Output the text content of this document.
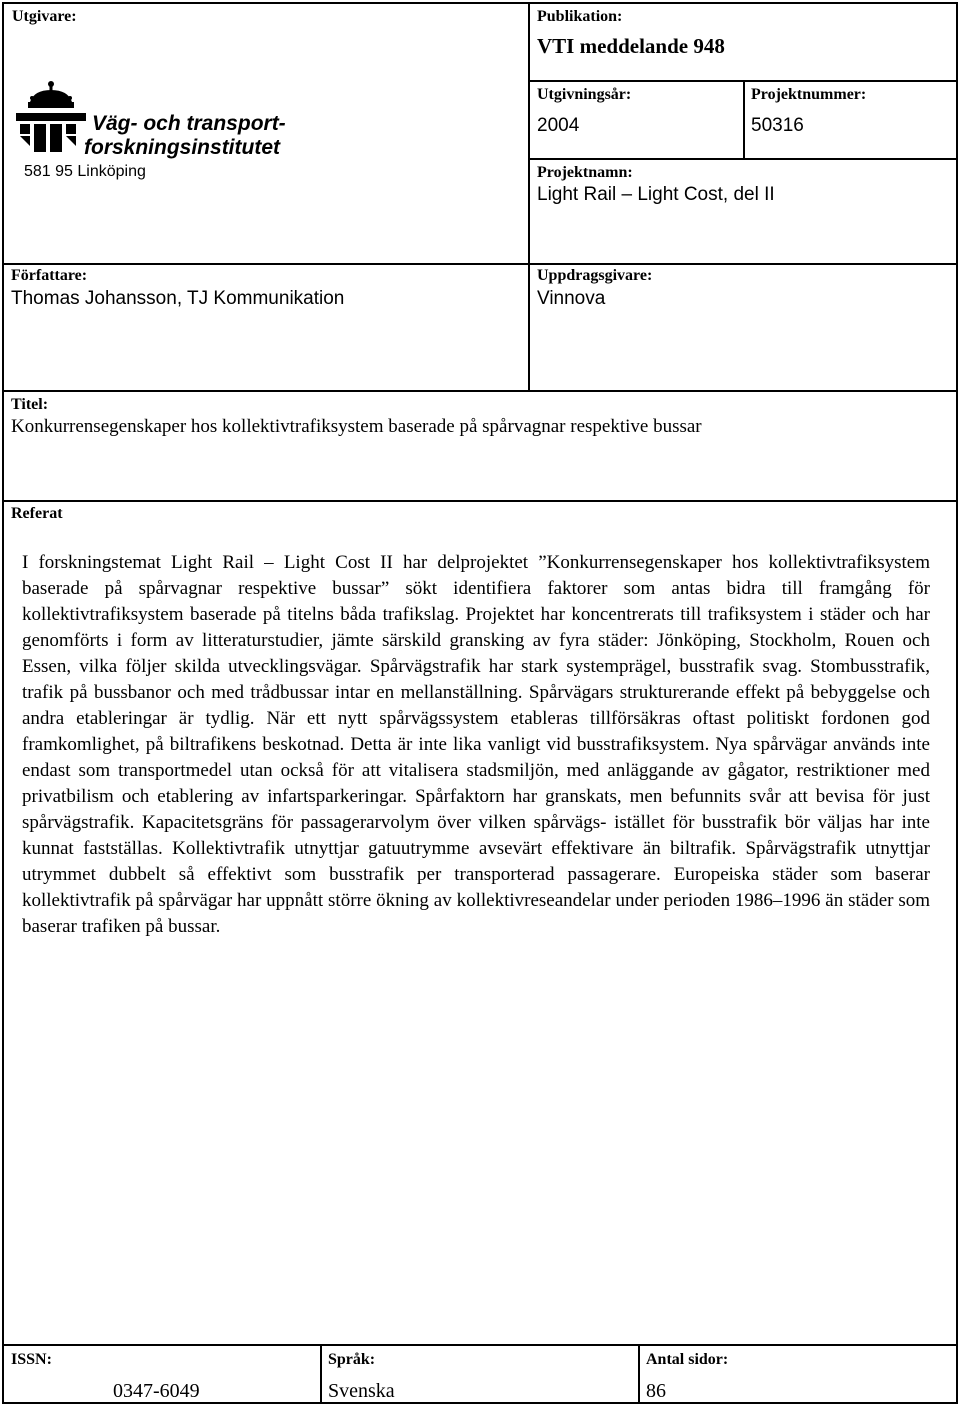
Utgivare:
Väg- och transport-
forskningsinstitutet
581 95 Linköping
Publikation:
VTI meddelande 948
Utgivningsår:
2004
Projektnummer:
50316
Projektnamn:
Light Rail – Light Cost, del II
Författare:
Thomas Johansson, TJ Kommunikation
Uppdragsgivare:
Vinnova
Titel:
Konkurrensegenskaper hos kollektivtrafiksystem baserade på spårvagnar respektive bussar
Referat

I forskningstemat Light Rail – Light Cost II har delprojektet ”Konkurrensegenskaper hos kollektivtrafiksystem baserade på spårvagnar respektive bussar” sökt identifiera faktorer som antas bidra till framgång för kollektivtrafiksystem baserade på titelns båda trafikslag. Projektet har koncentrerats till trafiksystem i städer och har genomförts i form av litteraturstudier, jämte särskild gransking av fyra städer: Jönköping, Stockholm, Rouen och Essen, vilka följer skilda utvecklingsvägar. Spårvägstrafik har stark systemprägel, busstrafik svag. Stombusstrafik, trafik på bussbanor och med trådbussar intar en mellanställning. Spårvägars strukturerande effekt på bebyggelse och andra etableringar är tydlig. När ett nytt spårvägssystem etableras tillförsäkras oftast politiskt fordonen god framkomlighet, på biltrafikens beskotnad. Detta är inte lika vanligt vid busstrafiksystem. Nya spårvägar används inte endast som transportmedel utan också för att vitalisera stadsmiljön, med anläggande av gågator, restriktioner med privatbilism och etablering av infartsparkeringar. Spårfaktorn har granskats, men befunnits svår att bevisa för just spårvägstrafik. Kapacitetsgräns för passagerarvolym över vilken spårvägs- istället för busstrafik bör väljas har inte kunnat fastställas. Kollektivtrafik utnyttjar gatuutrymme avsevärt effektivare än biltrafik. Spårvägstrafik utnyttjar utrymmet dubbelt så effektivt som busstrafik per transporterad passagerare. Europeiska städer som baserar kollektivtrafik på spårvägar har uppnått större ökning av kollektivreseandelar under perioden 1986–1996 än städer som baserar trafiken på bussar.

ISSN:
0347-6049
Språk:
Svenska
Antal sidor:
86
